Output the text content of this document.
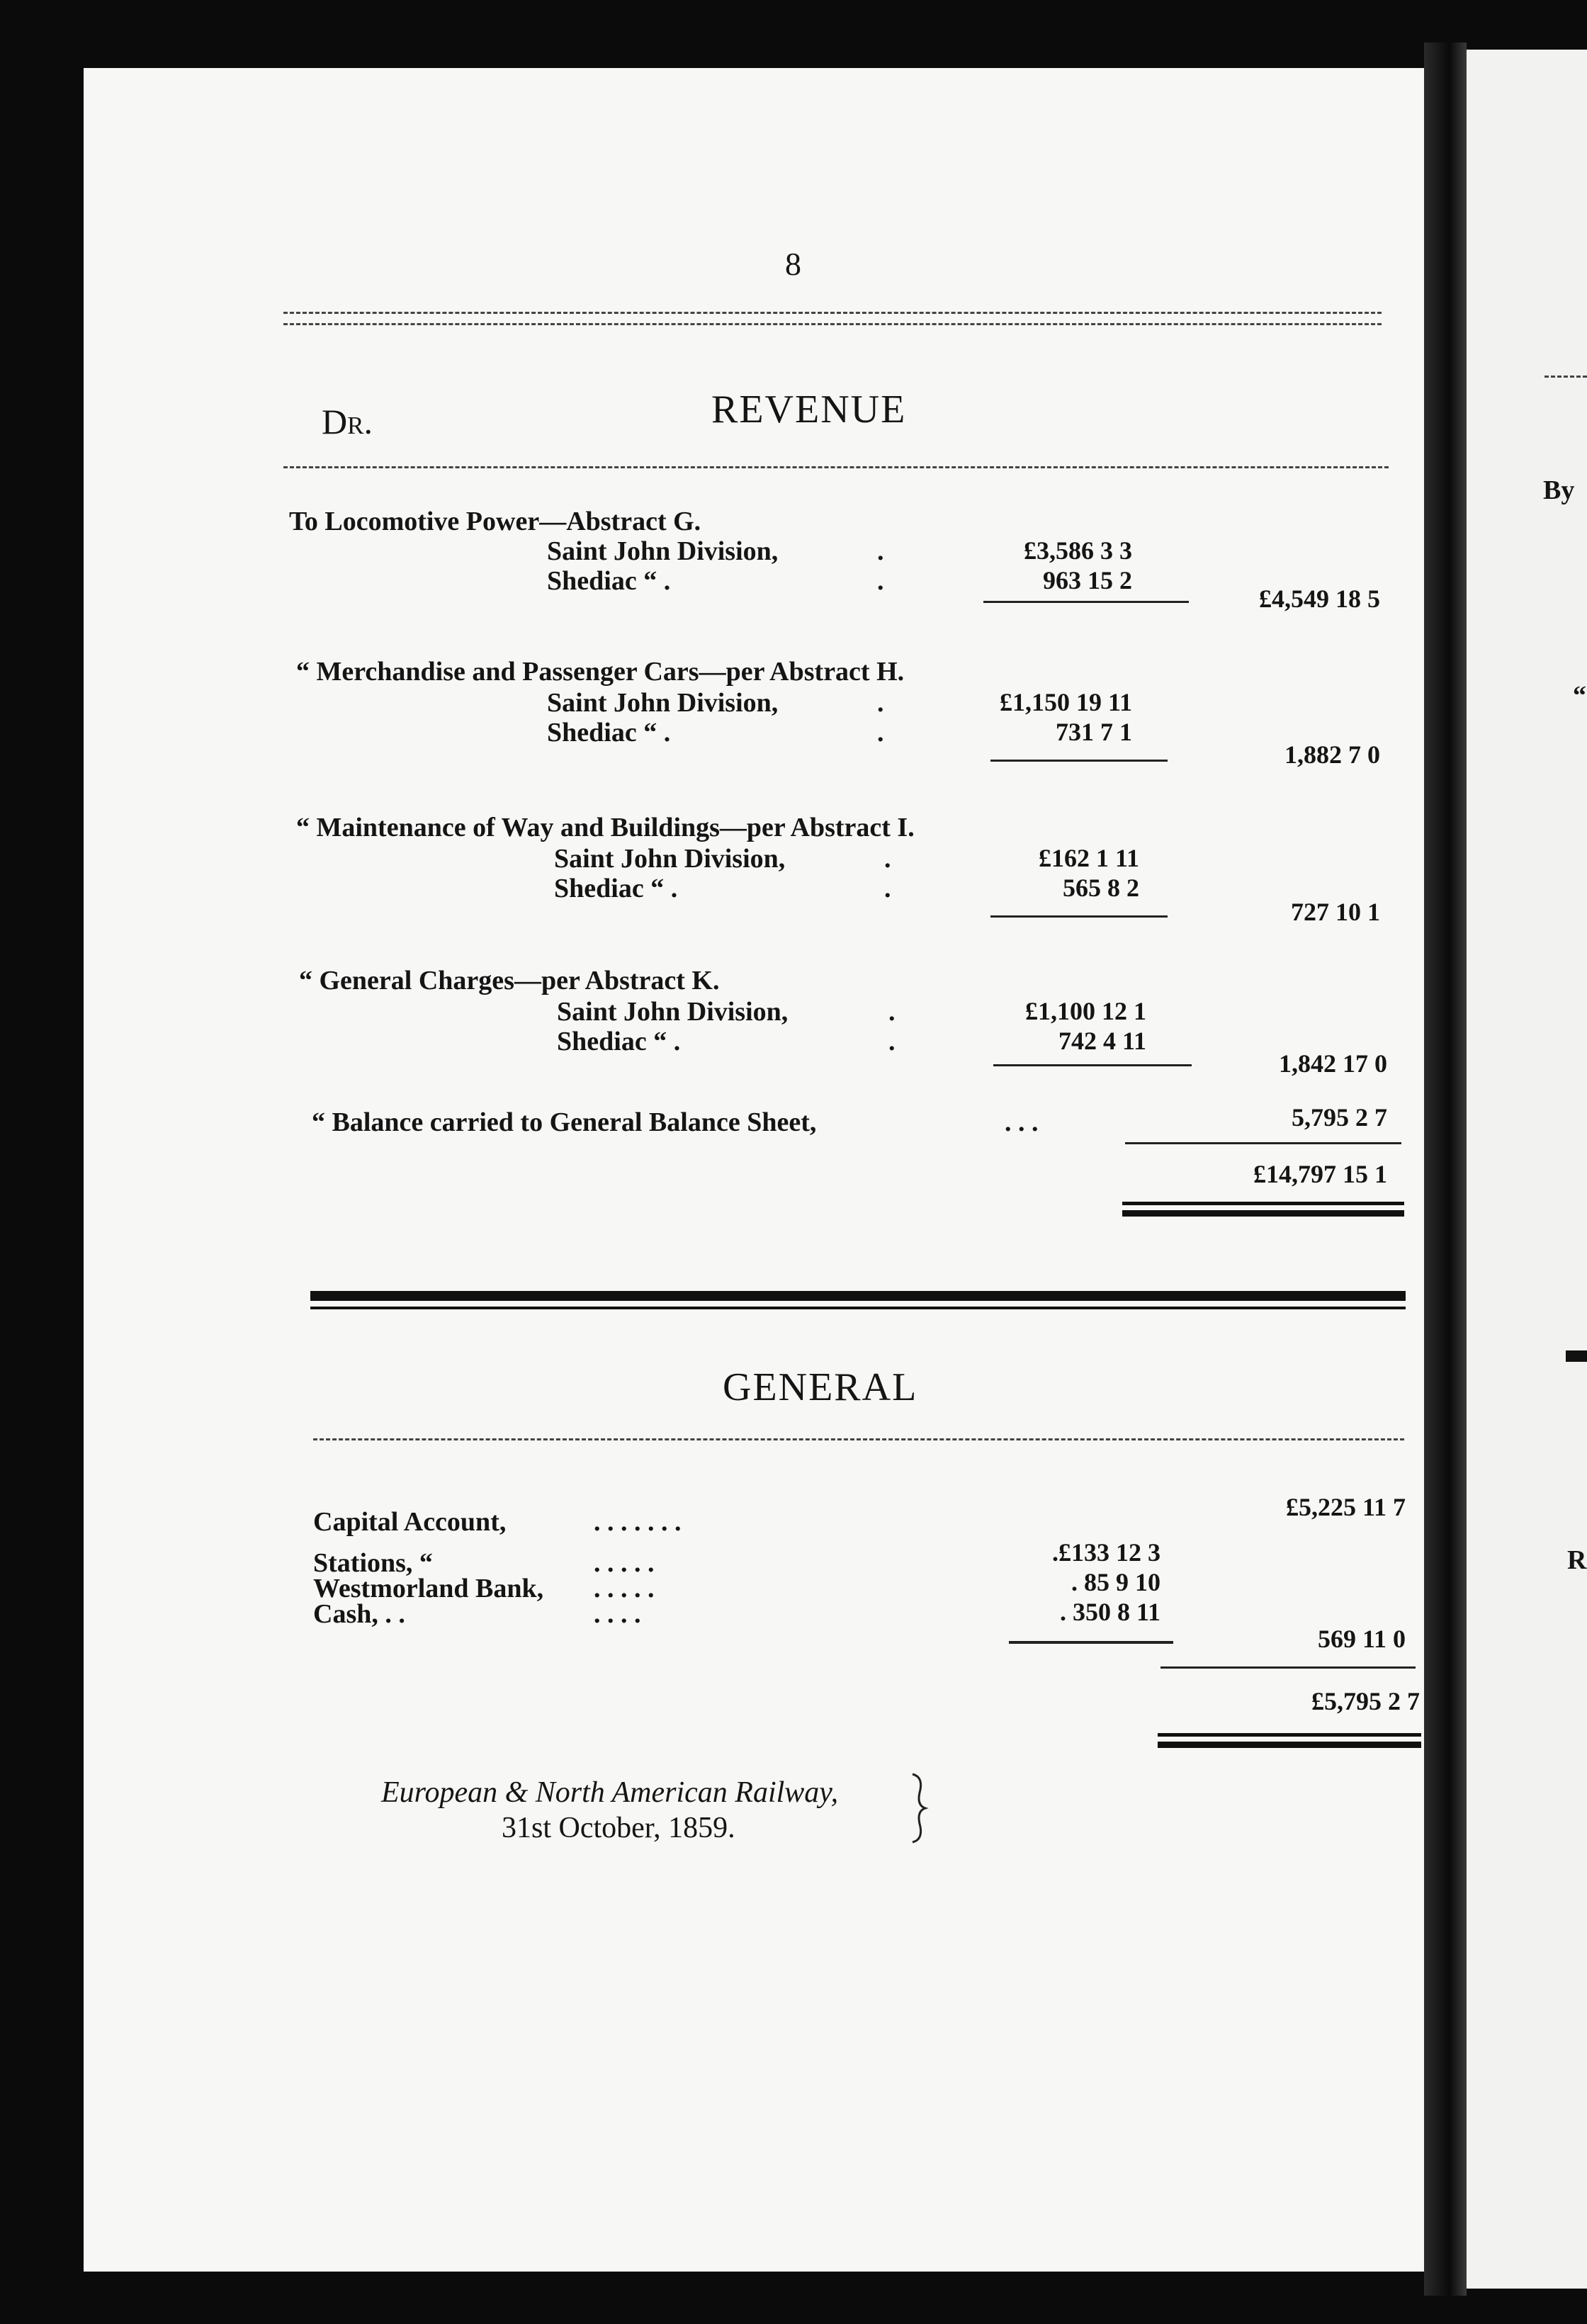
By
“
R
8
Dr.	REVENUE
To Locomotive Power—Abstract G.
Saint John Division,	.	£3,586 3 3
Shediac “ .	.	963 15 2
£4,549 18 5
“ Merchandise and Passenger Cars—per Abstract H.
Saint John Division,	.	£1,150 19 11
Shediac “ .	.	731 7 1
1,882 7 0
“ Maintenance of Way and Buildings—per Abstract I.
Saint John Division,	.	£162 1 11
Shediac “ .	.	565 8 2
727 10 1
“ General Charges—per Abstract K.
Saint John Division,	.	£1,100 12 1
Shediac “ .	.	742 4 11
1,842 17 0
“ Balance carried to General Balance Sheet,	. . .	5,795 2 7
£14,797 15 1
GENERAL
Capital Account,	. . . . . . .	£5,225 11 7
Stations, “	. . . . .	.£133 12 3
Westmorland Bank, . . . . .	. 85 9 10
Cash, . .	. . . .	. 350 8 11
569 11 0
£5,795 2 7
European & North American Railway,
31st October, 1859.
